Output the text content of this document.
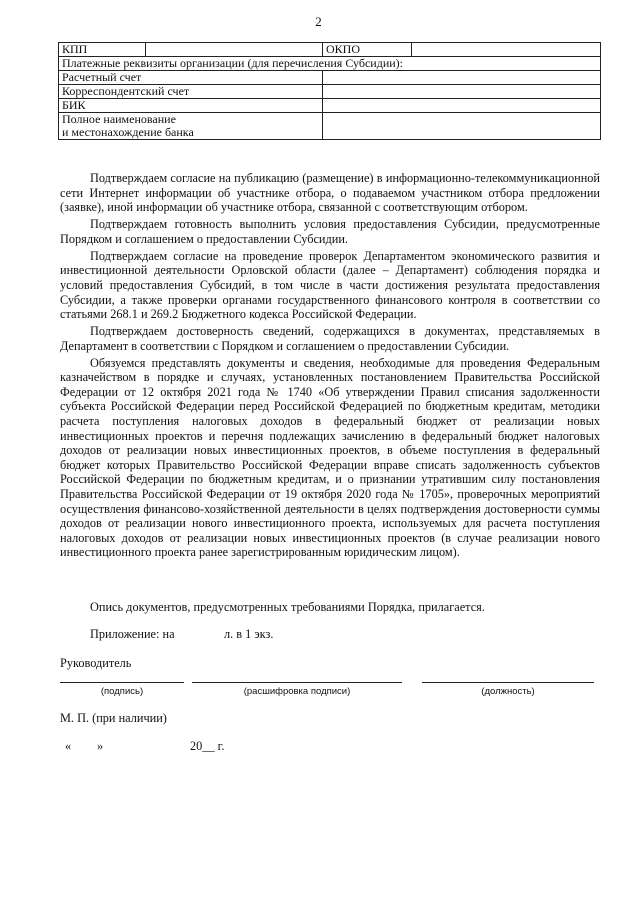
2
КПП		ОКПО	
Платежные реквизиты организации (для перечисления Субсидии):			
Расчетный счет			
Корреспондентский счет			
БИК			

Полное наименование
и местонахождение банка			

Подтверждаем согласие на публикацию (размещение) в информационно-телекоммуникационной сети Интернет информации об участнике отбора, о подаваемом участником отбора предложении (заявке), иной информации об участнике отбора, связанной с соответствующим отбором.

Подтверждаем готовность выполнить условия предоставления Субсидии, предусмотренные Порядком и соглашением о предоставлении Субсидии.

Подтверждаем согласие на проведение проверок Департаментом экономического развития и инвестиционной деятельности Орловской области (далее – Департамент) соблюдения порядка и условий предоставления Субсидий, в том числе в части достижения результата предоставления Субсидии, а также проверки органами государственного финансового контроля в соответствии со статьями 268.1 и 269.2 Бюджетного кодекса Российской Федерации.

Подтверждаем достоверность сведений, содержащихся в документах, представляемых в Департамент в соответствии с Порядком и соглашением о предоставлении Субсидии.

Обязуемся представлять документы и сведения, необходимые для проведения Федеральным казначейством в порядке и случаях, установленных постановлением Правительства Российской Федерации от 12 октября 2021 года № 1740 «Об утверждении Правил списания задолженности субъекта Российской Федерации перед Российской Федерацией по бюджетным кредитам, методики расчета поступления налоговых доходов в федеральный бюджет от реализации новых инвестиционных проектов и перечня подлежащих зачислению в федеральный бюджет налоговых доходов от реализации новых инвестиционных проектов, в объеме поступления в федеральный бюджет которых Правительство Российской Федерации вправе списать задолженность субъектов Российской Федерации по бюджетным кредитам, и о признании утратившим силу постановления Правительства Российской Федерации от 19 октября 2020 года № 1705», проверочных мероприятий осуществления финансово-хозяйственной деятельности в целях подтверждения достоверности суммы доходов от реализации нового инвестиционного проекта, используемых для расчета поступления налоговых доходов от реализации новых инвестиционных проектов (в случае реализации нового инвестиционного проекта ранее зарегистрированным юридическим лицом).

Опись документов, предусмотренных требованиями Порядка, прилагается.
Приложение: на	л. в 1 экз.
Руководитель
(подпись)	(расшифровка подписи)	(должность)
М. П. (при наличии)
« »	20__ г.
